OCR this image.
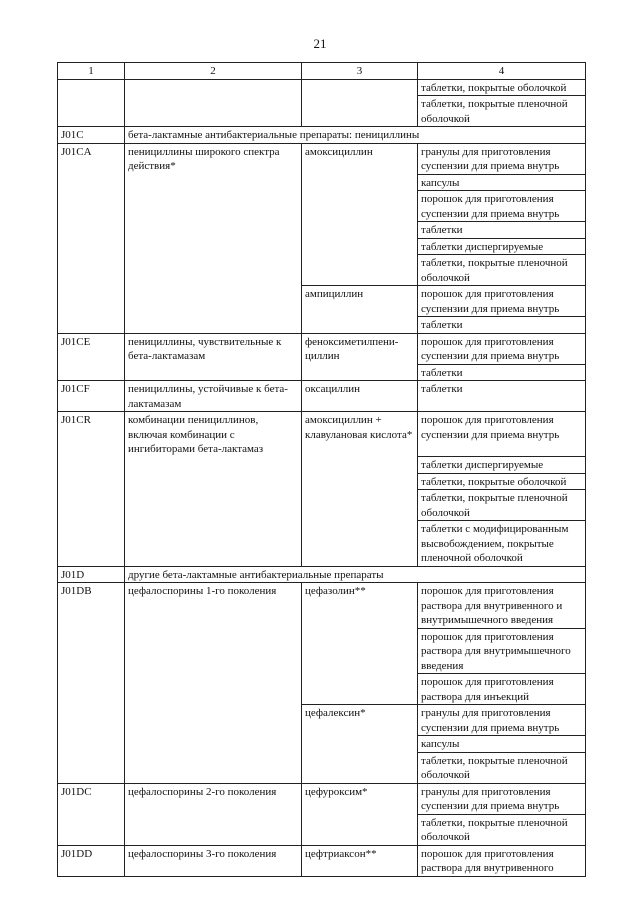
21
1	2	3	4
			таблетки, покрытые оболочкой
			таблетки, покрытые пленочной оболочкой
J01C	бета-лактамные антибактериальные препараты: пенициллины		
J01CA	пенициллины широкого спектра действия*	амоксициллин	гранулы для приготовления суспензии для приема внутрь
			капсулы
			порошок для приготовления суспензии для приема внутрь
			таблетки
			таблетки диспергируемые
			таблетки, покрытые пленочной оболочкой
		ампициллин	порошок для приготовления суспензии для приема внутрь
			таблетки
J01CE	пенициллины, чувствительные к бета-лактамазам	феноксиметилпени-циллин	порошок для приготовления суспензии для приема внутрь
			таблетки
J01CF	пенициллины, устойчивые к бета-лактамазам	оксациллин	таблетки
J01CR	комбинации пенициллинов, включая комбинации с ингибиторами бета-лактамаз	амоксициллин + клавулановая кислота*	порошок для приготовления суспензии для приема внутрь
			таблетки диспергируемые
			таблетки, покрытые оболочкой
			таблетки, покрытые пленочной оболочкой
			таблетки с модифицированным высвобождением, покрытые пленочной оболочкой
J01D	другие бета-лактамные антибактериальные препараты		
J01DB	цефалоспорины 1-го поколения	цефазолин**	порошок для приготовления раствора для внутривенного и внутримышечного введения
			порошок для приготовления раствора для внутримышечного введения
			порошок для приготовления раствора для инъекций
		цефалексин*	гранулы для приготовления суспензии для приема внутрь
			капсулы
			таблетки, покрытые пленочной оболочкой
J01DC	цефалоспорины 2-го поколения	цефуроксим*	гранулы для приготовления суспензии для приема внутрь
			таблетки, покрытые пленочной оболочкой
J01DD	цефалоспорины 3-го поколения	цефтриаксон**	порошок для приготовления раствора для внутривенного
